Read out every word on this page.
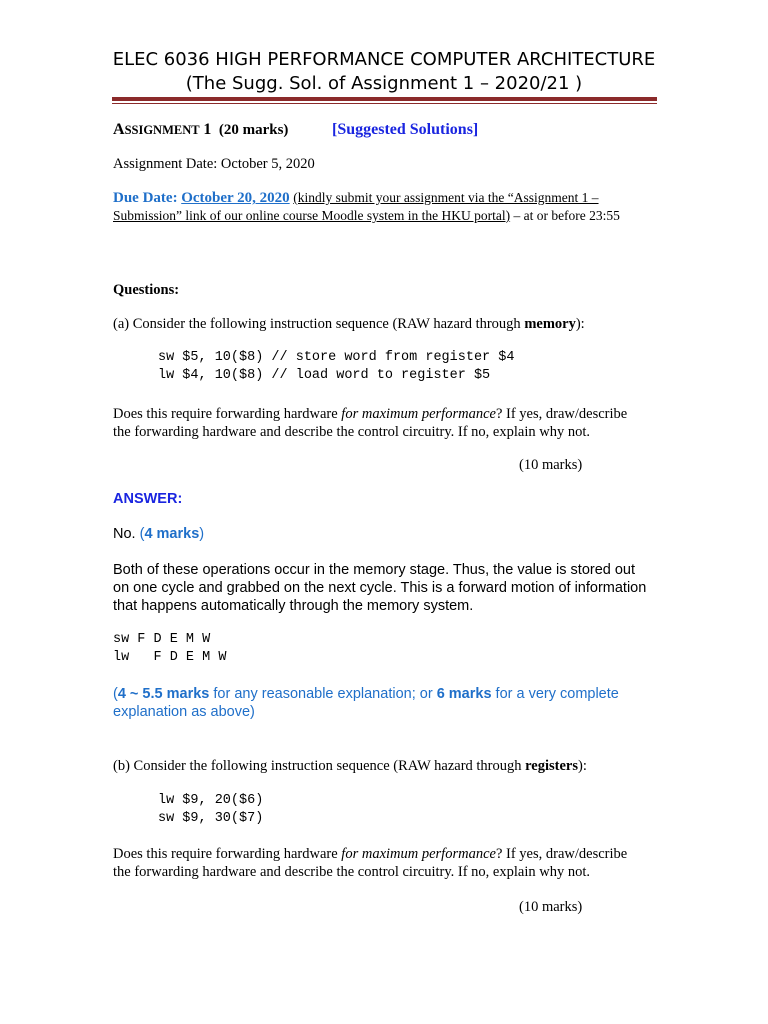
ELEC 6036 HIGH PERFORMANCE COMPUTER ARCHITECTURE
(The Sugg. Sol. of Assignment 1 – 2020/21 )
ASSIGNMENT 1 (20 marks)	[Suggested Solutions]
Assignment Date: October 5, 2020
Due Date: October 20, 2020 (kindly submit your assignment via the “Assignment 1 –
Submission” link of our online course Moodle system in the HKU portal) – at or before 23:55
Questions:
(a) Consider the following instruction sequence (RAW hazard through memory):
sw $5, 10($8) // store word from register $4
lw $4, 10($8) // load word to register $5
Does this require forwarding hardware for maximum performance? If yes, draw/describe
the forwarding hardware and describe the control circuitry. If no, explain why not.
(10 marks)
ANSWER:
No. (4 marks)
Both of these operations occur in the memory stage. Thus, the value is stored out
on one cycle and grabbed on the next cycle. This is a forward motion of information
that happens automatically through the memory system.
sw F D E M W
lw   F D E M W
(4 ~ 5.5 marks for any reasonable explanation; or 6 marks for a very complete
explanation as above)
(b) Consider the following instruction sequence (RAW hazard through registers):
lw $9, 20($6)
sw $9, 30($7)
Does this require forwarding hardware for maximum performance? If yes, draw/describe
the forwarding hardware and describe the control circuitry. If no, explain why not.
(10 marks)
